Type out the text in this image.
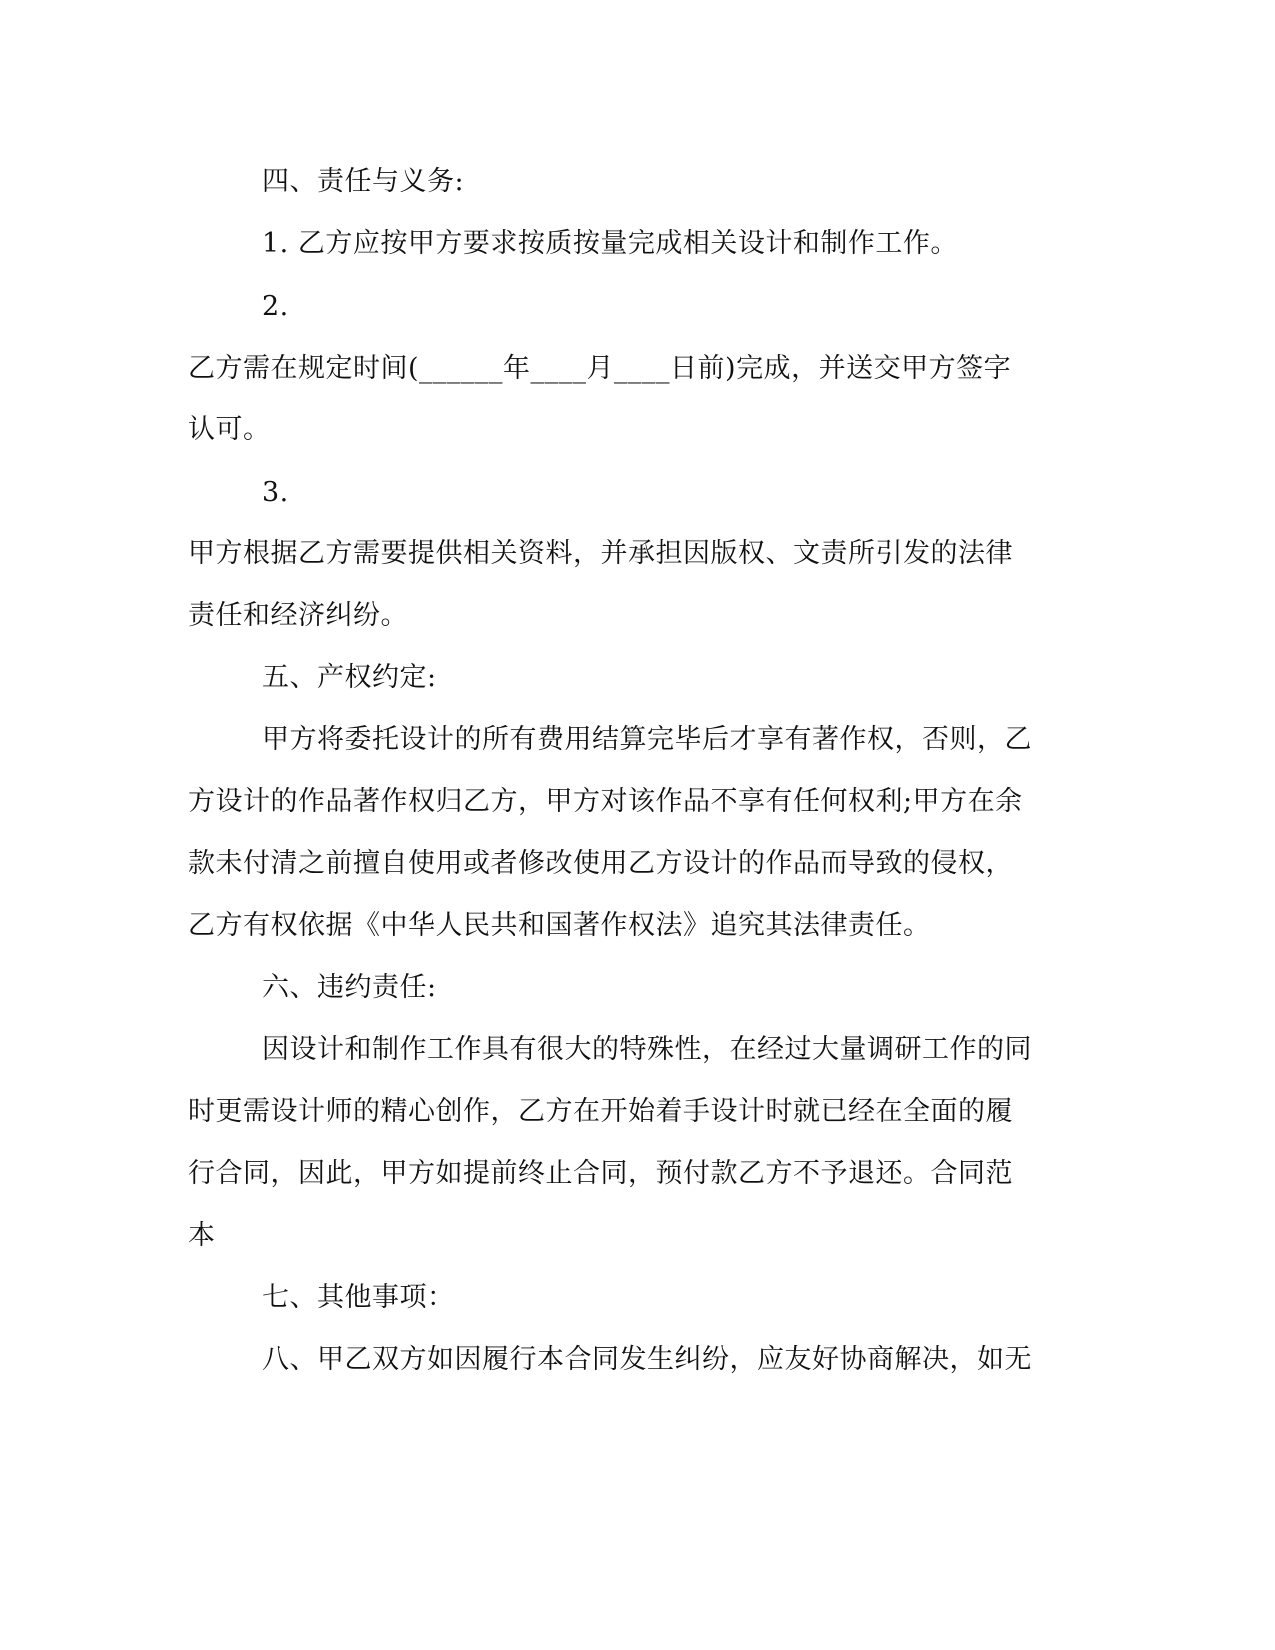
四、责任与义务:
1. 乙方应按甲方要求按质按量完成相关设计和制作工作。
2.
乙方需在规定时间(______年____月____日前)完成，并送交甲方签字
认可。
3.
甲方根据乙方需要提供相关资料，并承担因版权、文责所引发的法律
责任和经济纠纷。
五、产权约定:
甲方将委托设计的所有费用结算完毕后才享有著作权，否则，乙
方设计的作品著作权归乙方，甲方对该作品不享有任何权利;甲方在余
款未付清之前擅自使用或者修改使用乙方设计的作品而导致的侵权，
乙方有权依据《中华人民共和国著作权法》追究其法律责任。
六、违约责任:
因设计和制作工作具有很大的特殊性，在经过大量调研工作的同
时更需设计师的精心创作，乙方在开始着手设计时就已经在全面的履
行合同，因此，甲方如提前终止合同，预付款乙方不予退还。合同范
本
七、其他事项：
八、甲乙双方如因履行本合同发生纠纷，应友好协商解决，如无
